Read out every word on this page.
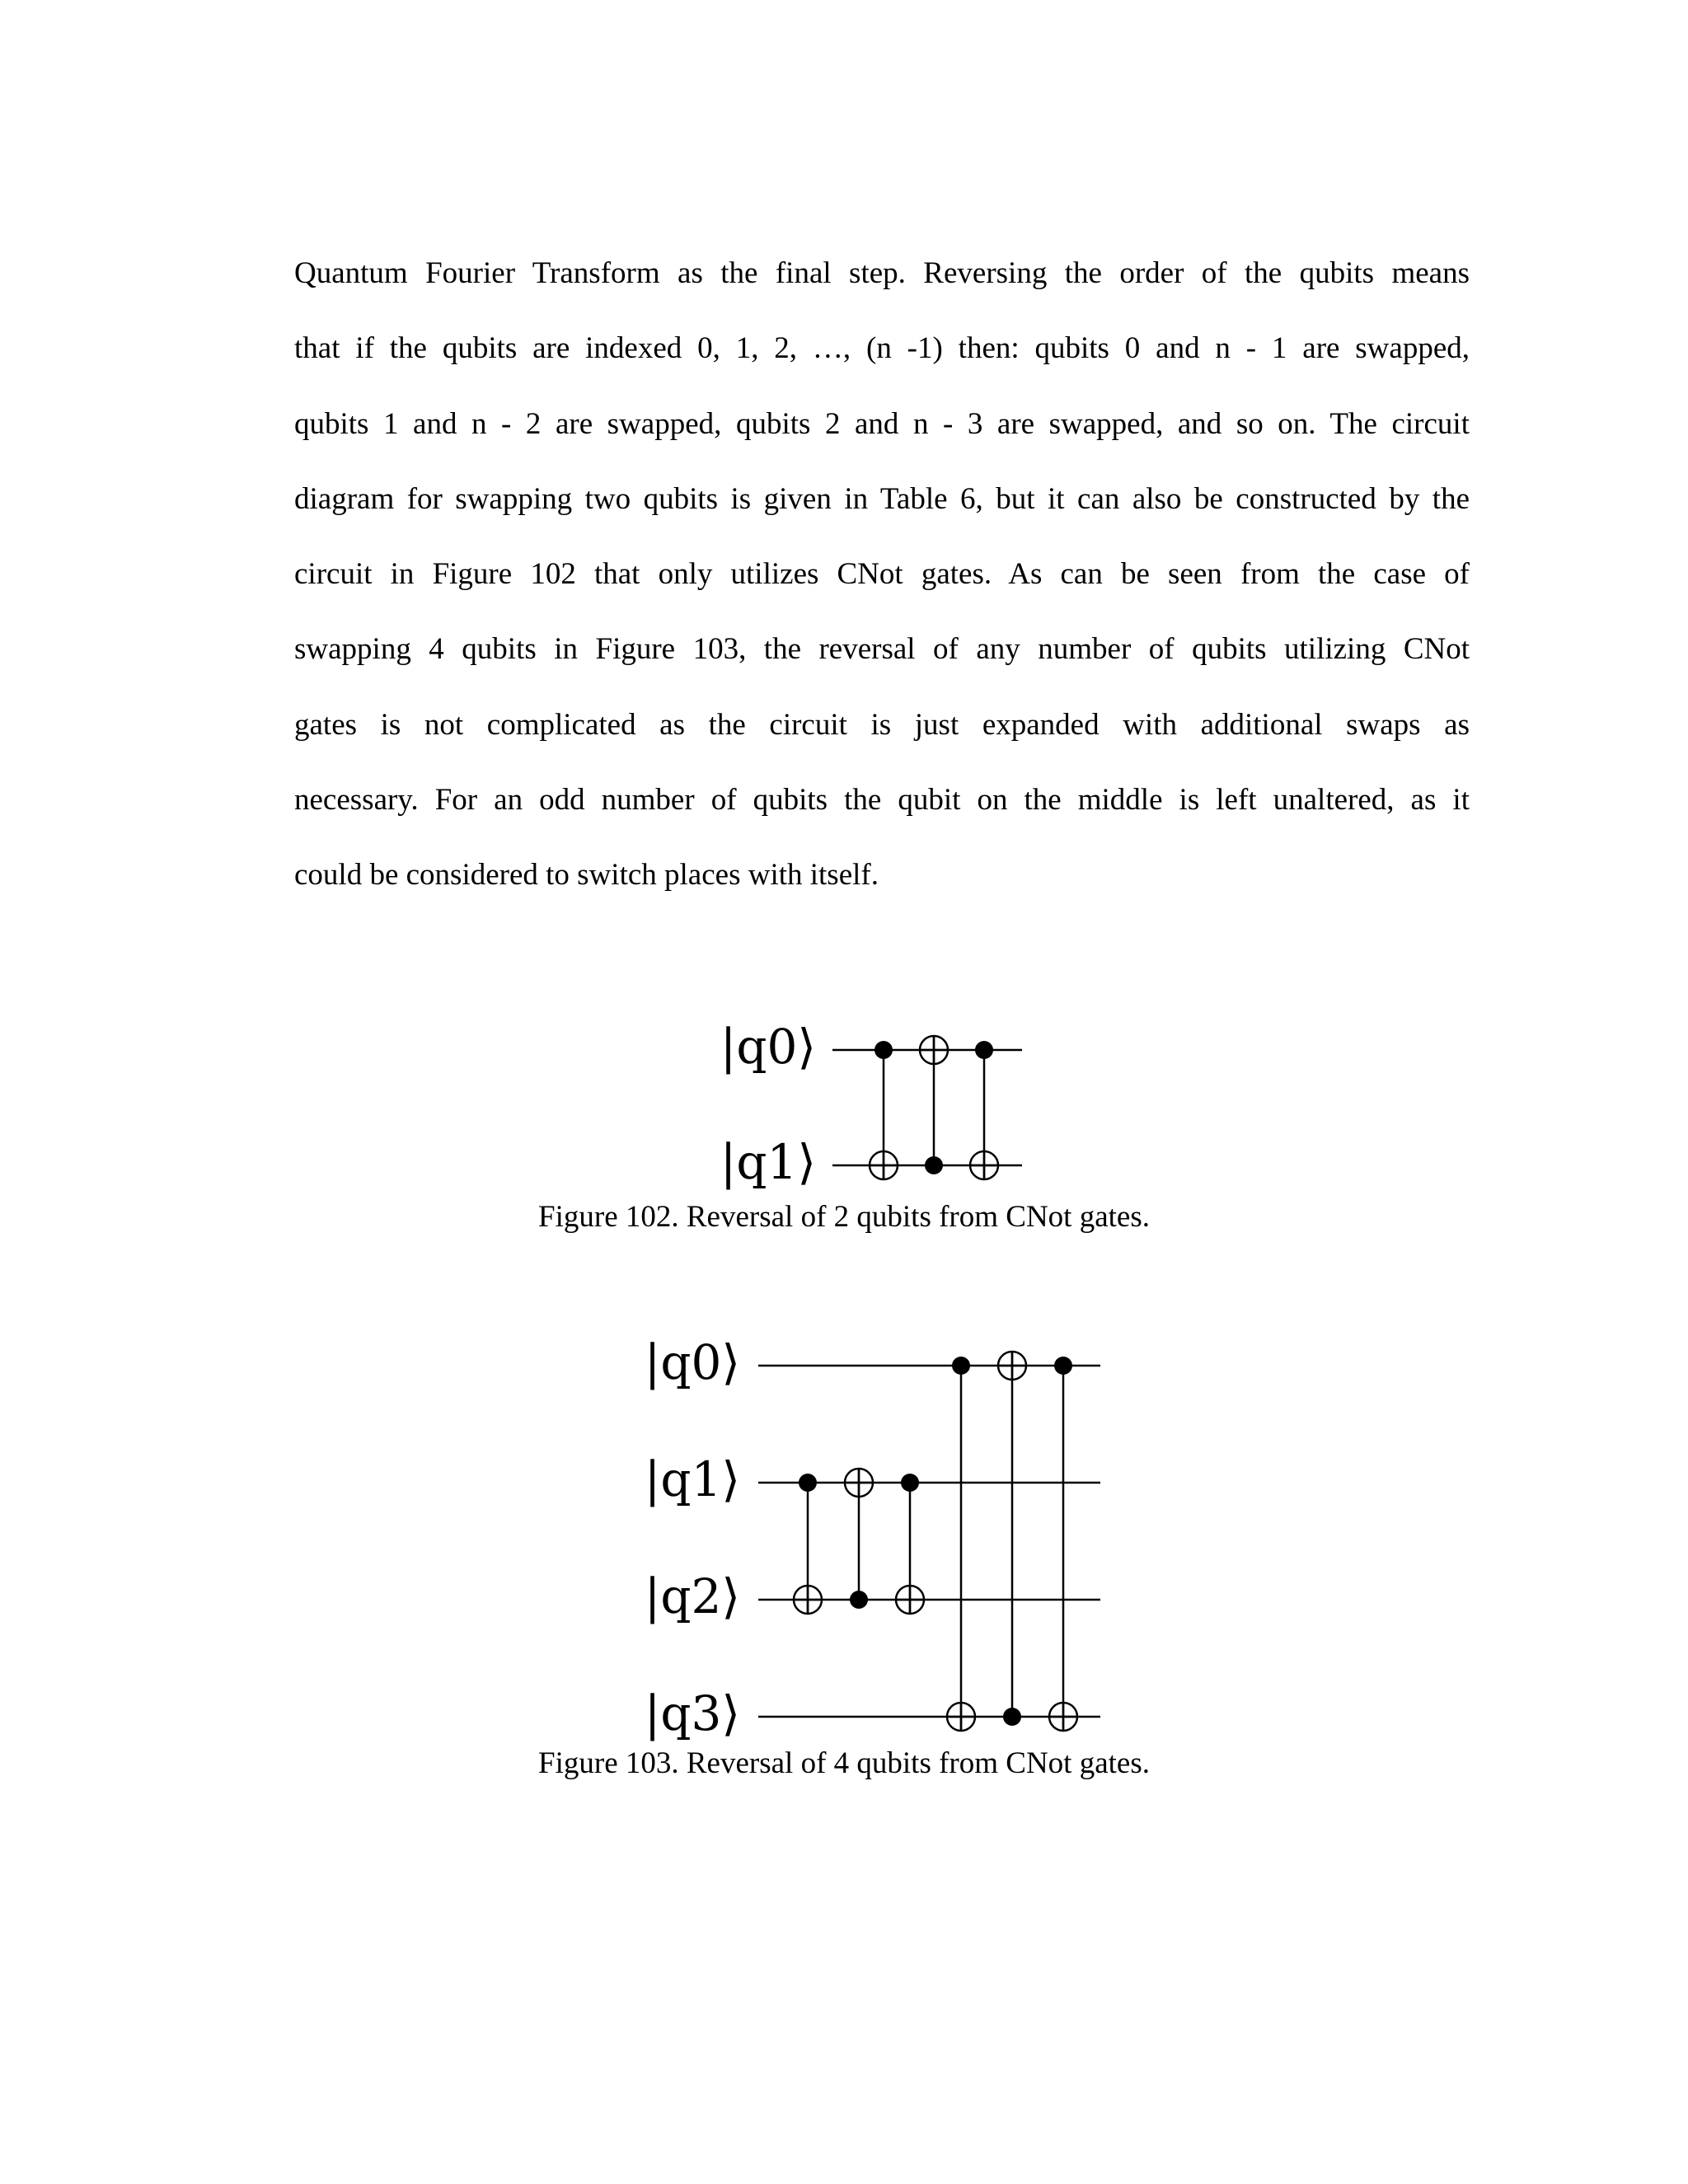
Quantum Fourier Transform as the final step. Reversing the order of the qubits means
that if the qubits are indexed 0, 1, 2, …, (n -1) then: qubits 0 and n - 1 are swapped,
qubits 1 and n - 2 are swapped, qubits 2 and n - 3 are swapped, and so on. The circuit
diagram for swapping two qubits is given in Table 6, but it can also be constructed by the
circuit in Figure 102 that only utilizes CNot gates. As can be seen from the case of
swapping 4 qubits in Figure 103, the reversal of any number of qubits utilizing CNot
gates is not complicated as the circuit is just expanded with additional swaps as
necessary. For an odd number of qubits the qubit on the middle is left unaltered, as it
could be considered to switch places with itself.
|q0⟩
|q1⟩

Figure 102. Reversal of 2 qubits from CNot gates.

|q0⟩
|q1⟩
|q2⟩
|q3⟩

Figure 103. Reversal of 4 qubits from CNot gates.
